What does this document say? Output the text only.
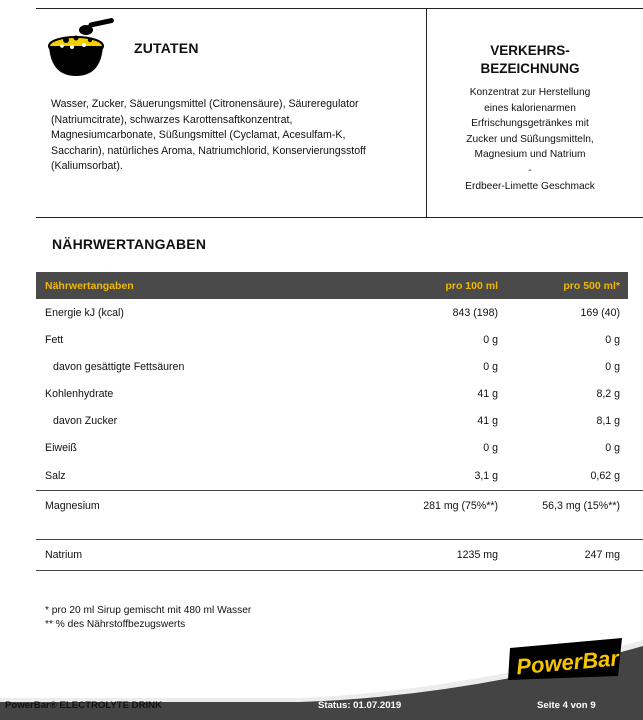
ZUTATEN
Wasser, Zucker, Säuerungsmittel (Citronensäure), Säureregulator
(Natriumcitrate), schwarzes Karottensaftkonzentrat,
Magnesiumcarbonate, Süßungsmittel (Cyclamat, Acesulfam-K,
Saccharin), natürliches Aroma, Natriumchlorid, Konservierungsstoff
(Kaliumsorbat).
VERKEHRS-
BEZEICHNUNG
Konzentrat zur Herstellung
eines kalorienarmen
Erfrischungsgetränkes mit
Zucker und Süßungsmitteln,
Magnesium und Natrium
-
Erdbeer-Limette Geschmack
NÄHRWERTANGABEN
Nährwertangaben	pro 100 ml	pro 500 ml*
Energie kJ (kcal)	843 (198)	169 (40)
Fett	0 g	0 g
davon gesättigte Fettsäuren	0 g	0 g
Kohlenhydrate	41 g	8,2 g
davon Zucker	41 g	8,1 g
Eiweiß	0 g	0 g
Salz	3,1 g	0,62 g
Magnesium	281 mg (75%**)	56,3 mg (15%**)
Natrium	1235 mg	247 mg
* pro 20 ml Sirup gemischt mit 480 ml Wasser
** % des Nährstoffbezugswerts
PowerBar
PowerBar® ELECTROLYTE DRINK	Status: 01.07.2019	Seite 4 von 9
